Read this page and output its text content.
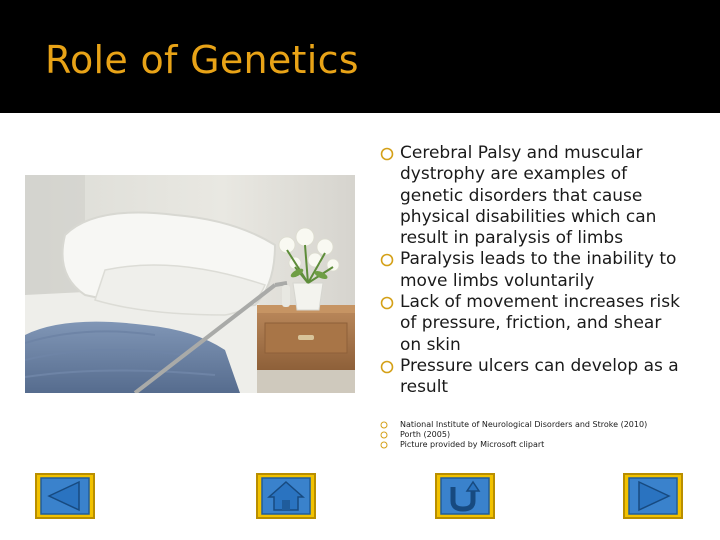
Role of Genetics
Cerebral Palsy and muscular dystrophy are examples of genetic disorders that cause physical disabilities which can result in paralysis of limbs
Paralysis leads to the inability to move limbs voluntarily
Lack of movement increases risk of pressure, friction, and shear on skin
Pressure ulcers can develop as a result
National Institute of Neurological Disorders and Stroke (2010)
Porth (2005)
Picture provided by Microsoft clipart
